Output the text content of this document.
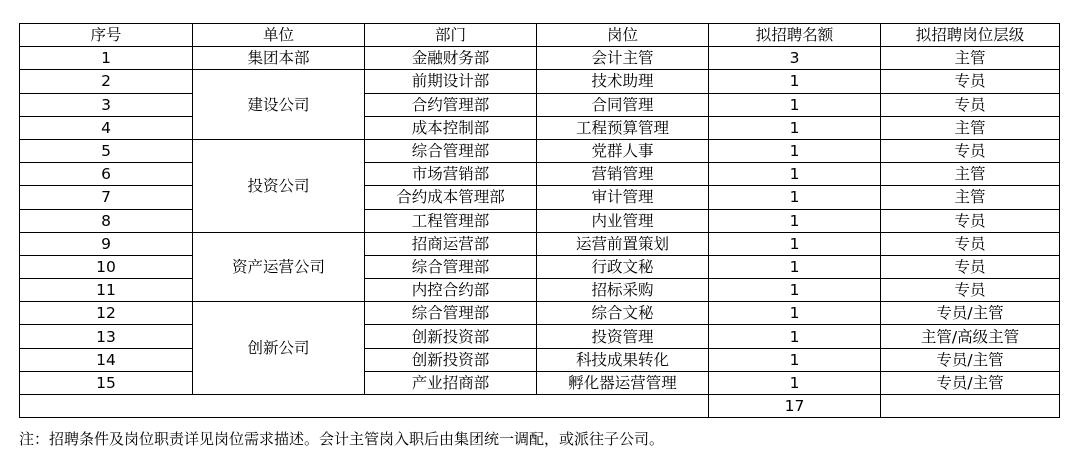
序号	单位	部门	岗位	拟招聘名额	拟招聘岗位层级
1	集团本部	金融财务部	会计主管	3	主管
2	建设公司	前期设计部	技术助理	1	专员
3		合约管理部	合同管理	1	专员
4		成本控制部	工程预算管理	1	主管
5	投资公司	综合管理部	党群人事	1	专员
6		市场营销部	营销管理	1	主管
7		合约成本管理部	审计管理	1	主管
8		工程管理部	内业管理	1	专员
9	资产运营公司	招商运营部	运营前置策划	1	专员
10		综合管理部	行政文秘	1	专员
11		内控合约部	招标采购	1	专员
12	创新公司	综合管理部	综合文秘	1	专员/主管
13		创新投资部	投资管理	1	主管/高级主管
14		创新投资部	科技成果转化	1	专员/主管
15		产业招商部	孵化器运营管理	1	专员/主管
				17	
注：招聘条件及岗位职责详见岗位需求描述。会计主管岗入职后由集团统一调配，或派往子公司。
